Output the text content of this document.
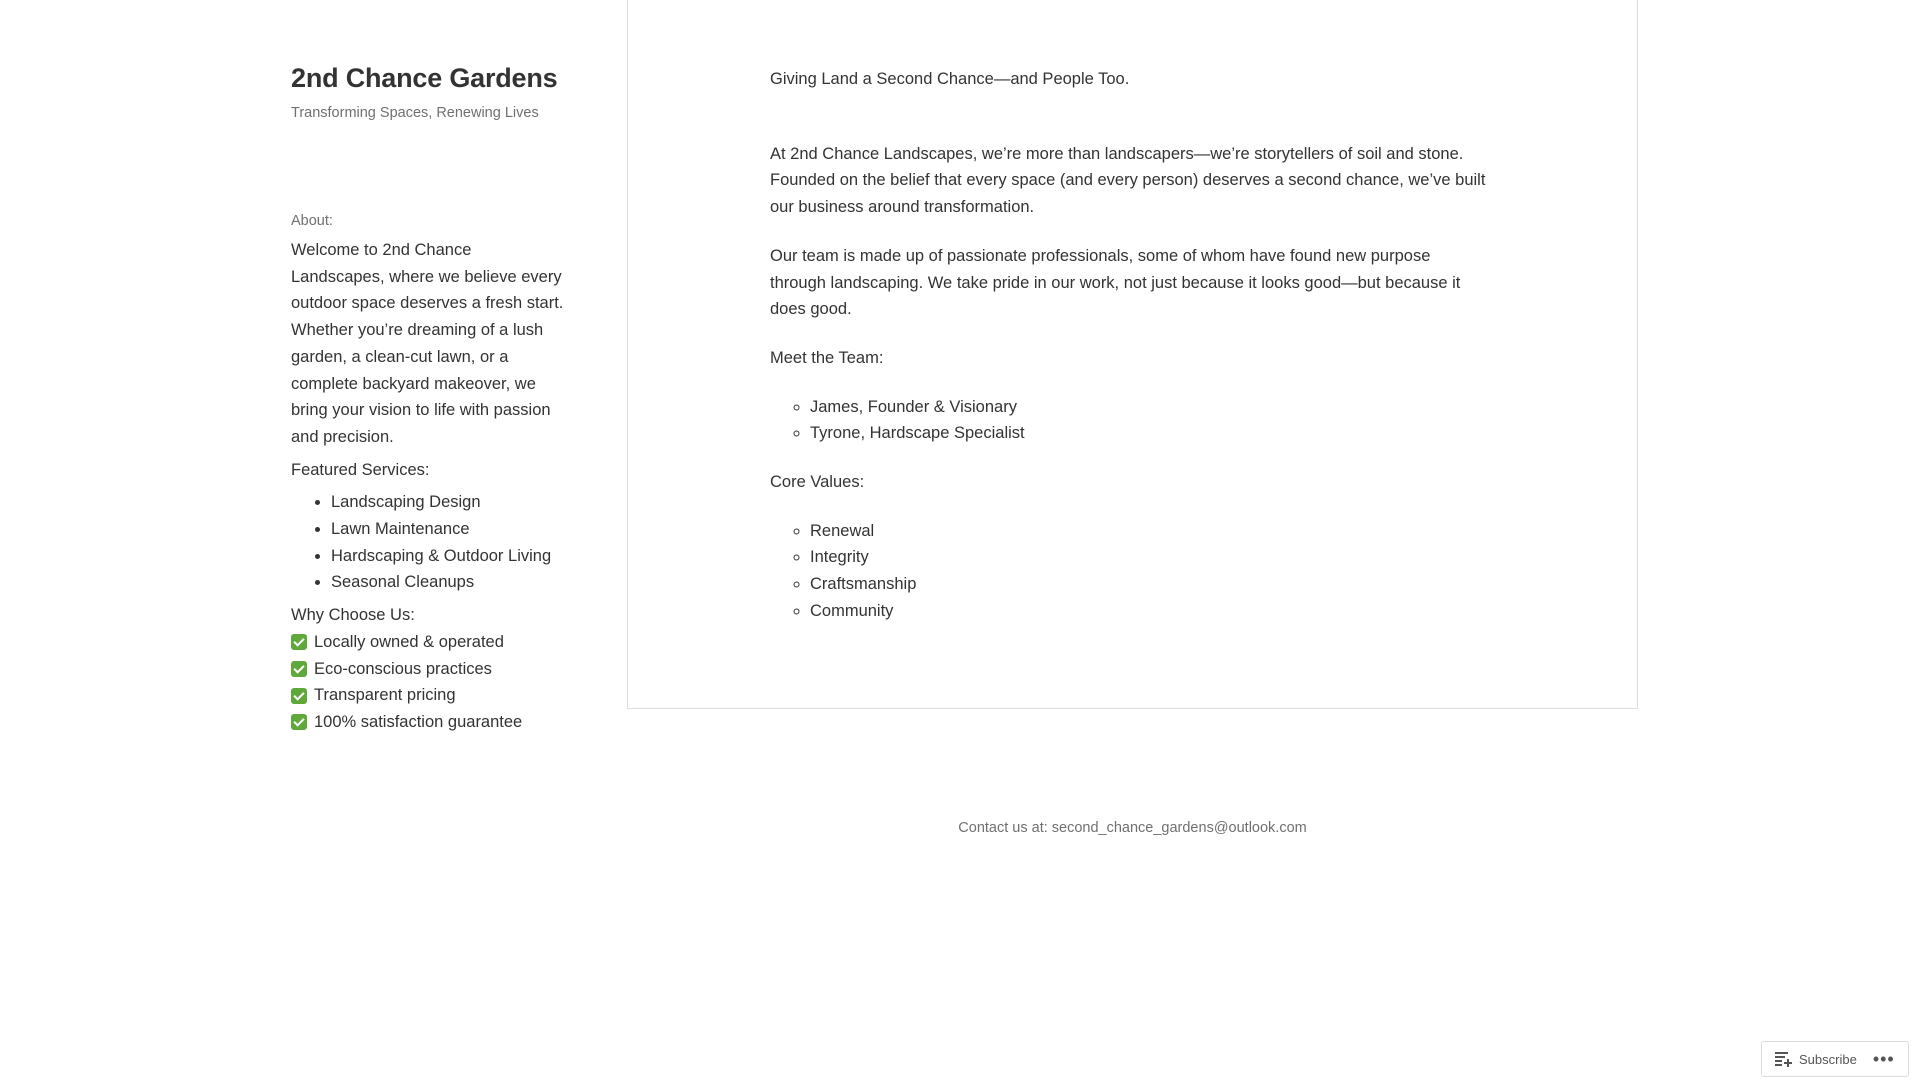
2nd Chance Gardens
Transforming Spaces, Renewing Lives
About:

Welcome to 2nd Chance Landscapes, where we believe every outdoor space deserves a fresh start. Whether you’re dreaming of a lush garden, a clean-cut lawn, or a complete backyard makeover, we bring your vision to life with passion and precision.

Featured Services:

• Landscaping Design
• Lawn Maintenance
• Hardscaping & Outdoor Living
• Seasonal Cleanups
Why Choose Us:
Locally owned & operated
Eco-conscious practices
Transparent pricing
100% satisfaction guarantee

Giving Land a Second Chance—and People Too.

At 2nd Chance Landscapes, we’re more than landscapers—we’re storytellers of soil and stone. Founded on the belief that every space (and every person) deserves a second chance, we’ve built our business around transformation.

Our team is made up of passionate professionals, some of whom have found new purpose through landscaping. We take pride in our work, not just because it looks good—but because it does good.

Meet the Team:

◦ James, Founder & Visionary
◦ Tyrone, Hardscape Specialist

Core Values:

◦ Renewal
◦ Integrity
◦ Craftsmanship
◦ Community
Contact us at: second_chance_gardens@outlook.com
Subscribe •••
